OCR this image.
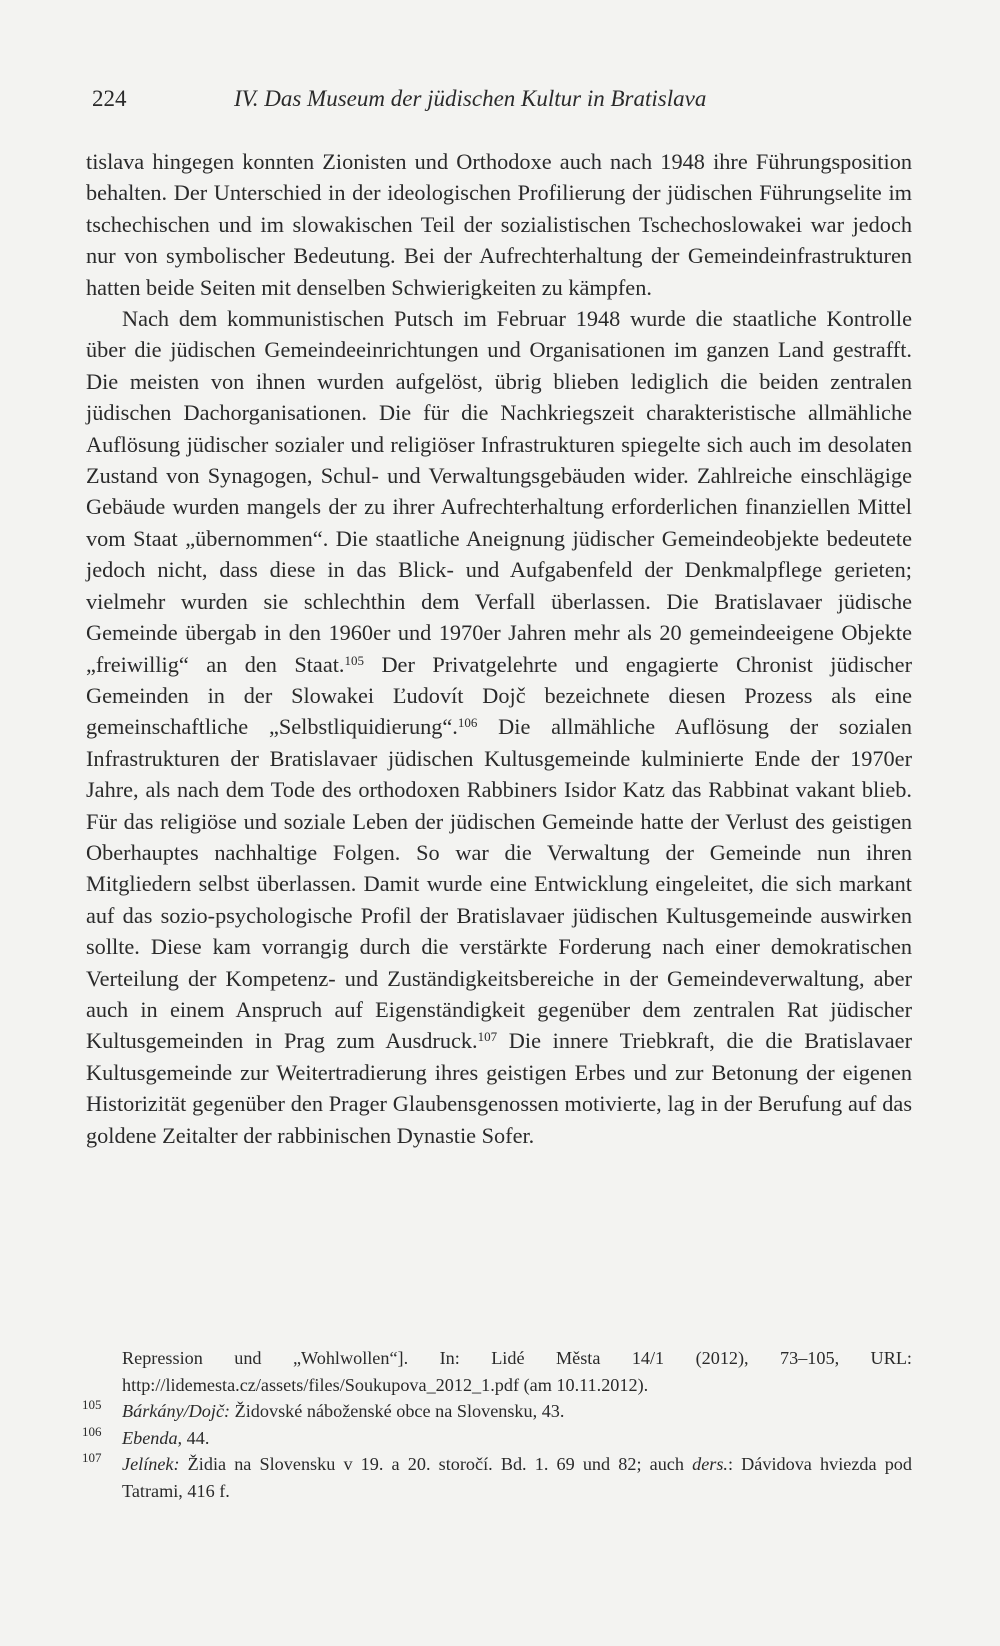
224	IV. Das Museum der jüdischen Kultur in Bratislava

tislava hingegen konnten Zionisten und Orthodoxe auch nach 1948 ihre Führungsposition behalten. Der Unterschied in der ideologischen Profilierung der jüdischen Führungselite im tschechischen und im slowakischen Teil der sozialistischen Tschechoslowakei war jedoch nur von symbolischer Bedeutung. Bei der Aufrechterhaltung der Gemeindeinfrastrukturen hatten beide Seiten mit denselben Schwierigkeiten zu kämpfen.

Nach dem kommunistischen Putsch im Februar 1948 wurde die staatliche Kontrolle über die jüdischen Gemeindeeinrichtungen und Organisationen im ganzen Land gestrafft. Die meisten von ihnen wurden aufgelöst, übrig blieben lediglich die beiden zentralen jüdischen Dachorganisationen. Die für die Nachkriegszeit charakteristische allmähliche Auflösung jüdischer sozialer und religiöser Infrastrukturen spiegelte sich auch im desolaten Zustand von Synagogen, Schul- und Verwaltungsgebäuden wider. Zahlreiche einschlägige Gebäude wurden mangels der zu ihrer Aufrechterhaltung erforderlichen finanziellen Mittel vom Staat „übernommen“. Die staatliche Aneignung jüdischer Gemeindeobjekte bedeutete jedoch nicht, dass diese in das Blick- und Aufgabenfeld der Denkmalpflege gerieten; vielmehr wurden sie schlechthin dem Verfall überlassen. Die Bratislavaer jüdische Gemeinde übergab in den 1960er und 1970er Jahren mehr als 20 gemeindeeigene Objekte „freiwillig“ an den Staat.$^{105}$ Der Privatgelehrte und engagierte Chronist jüdischer Gemeinden in der Slowakei Ľudovít Dojč bezeichnete diesen Prozess als eine gemeinschaftliche „Selbstliquidierung“.$^{106}$ Die allmähliche Auflösung der sozialen Infrastrukturen der Bratislavaer jüdischen Kultusgemeinde kulminierte Ende der 1970er Jahre, als nach dem Tode des orthodoxen Rabbiners Isidor Katz das Rabbinat vakant blieb. Für das religiöse und soziale Leben der jüdischen Gemeinde hatte der Verlust des geistigen Oberhauptes nachhaltige Folgen. So war die Verwaltung der Gemeinde nun ihren Mitgliedern selbst überlassen. Damit wurde eine Entwicklung eingeleitet, die sich markant auf das sozio-psychologische Profil der Bratislavaer jüdischen Kultusgemeinde auswirken sollte. Diese kam vorrangig durch die verstärkte Forderung nach einer demokratischen Verteilung der Kompetenz- und Zuständigkeitsbereiche in der Gemeindeverwaltung, aber auch in einem Anspruch auf Eigenständigkeit gegenüber dem zentralen Rat jüdischer Kultusgemeinden in Prag zum Ausdruck.$^{107}$ Die innere Triebkraft, die die Bratislavaer Kultusgemeinde zur Weitertradierung ihres geistigen Erbes und zur Betonung der eigenen Historizität gegenüber den Prager Glaubensgenossen motivierte, lag in der Berufung auf das goldene Zeitalter der rabbinischen Dynastie Sofer.

Repression und „Wohlwollen“]. In: Lidé Města 14/1 (2012), 73–105, URL: http://lidemesta.cz/assets/files/Soukupova_2012_1.pdf (am 10.11.2012).
105 Bárkány/Dojč: Židovské náboženské obce na Slovensku, 43.
106 Ebenda, 44.
107 Jelínek: Židia na Slovensku v 19. a 20. storočí. Bd. 1. 69 und 82; auch ders.: Dávidova hviezda pod Tatrami, 416 f.
